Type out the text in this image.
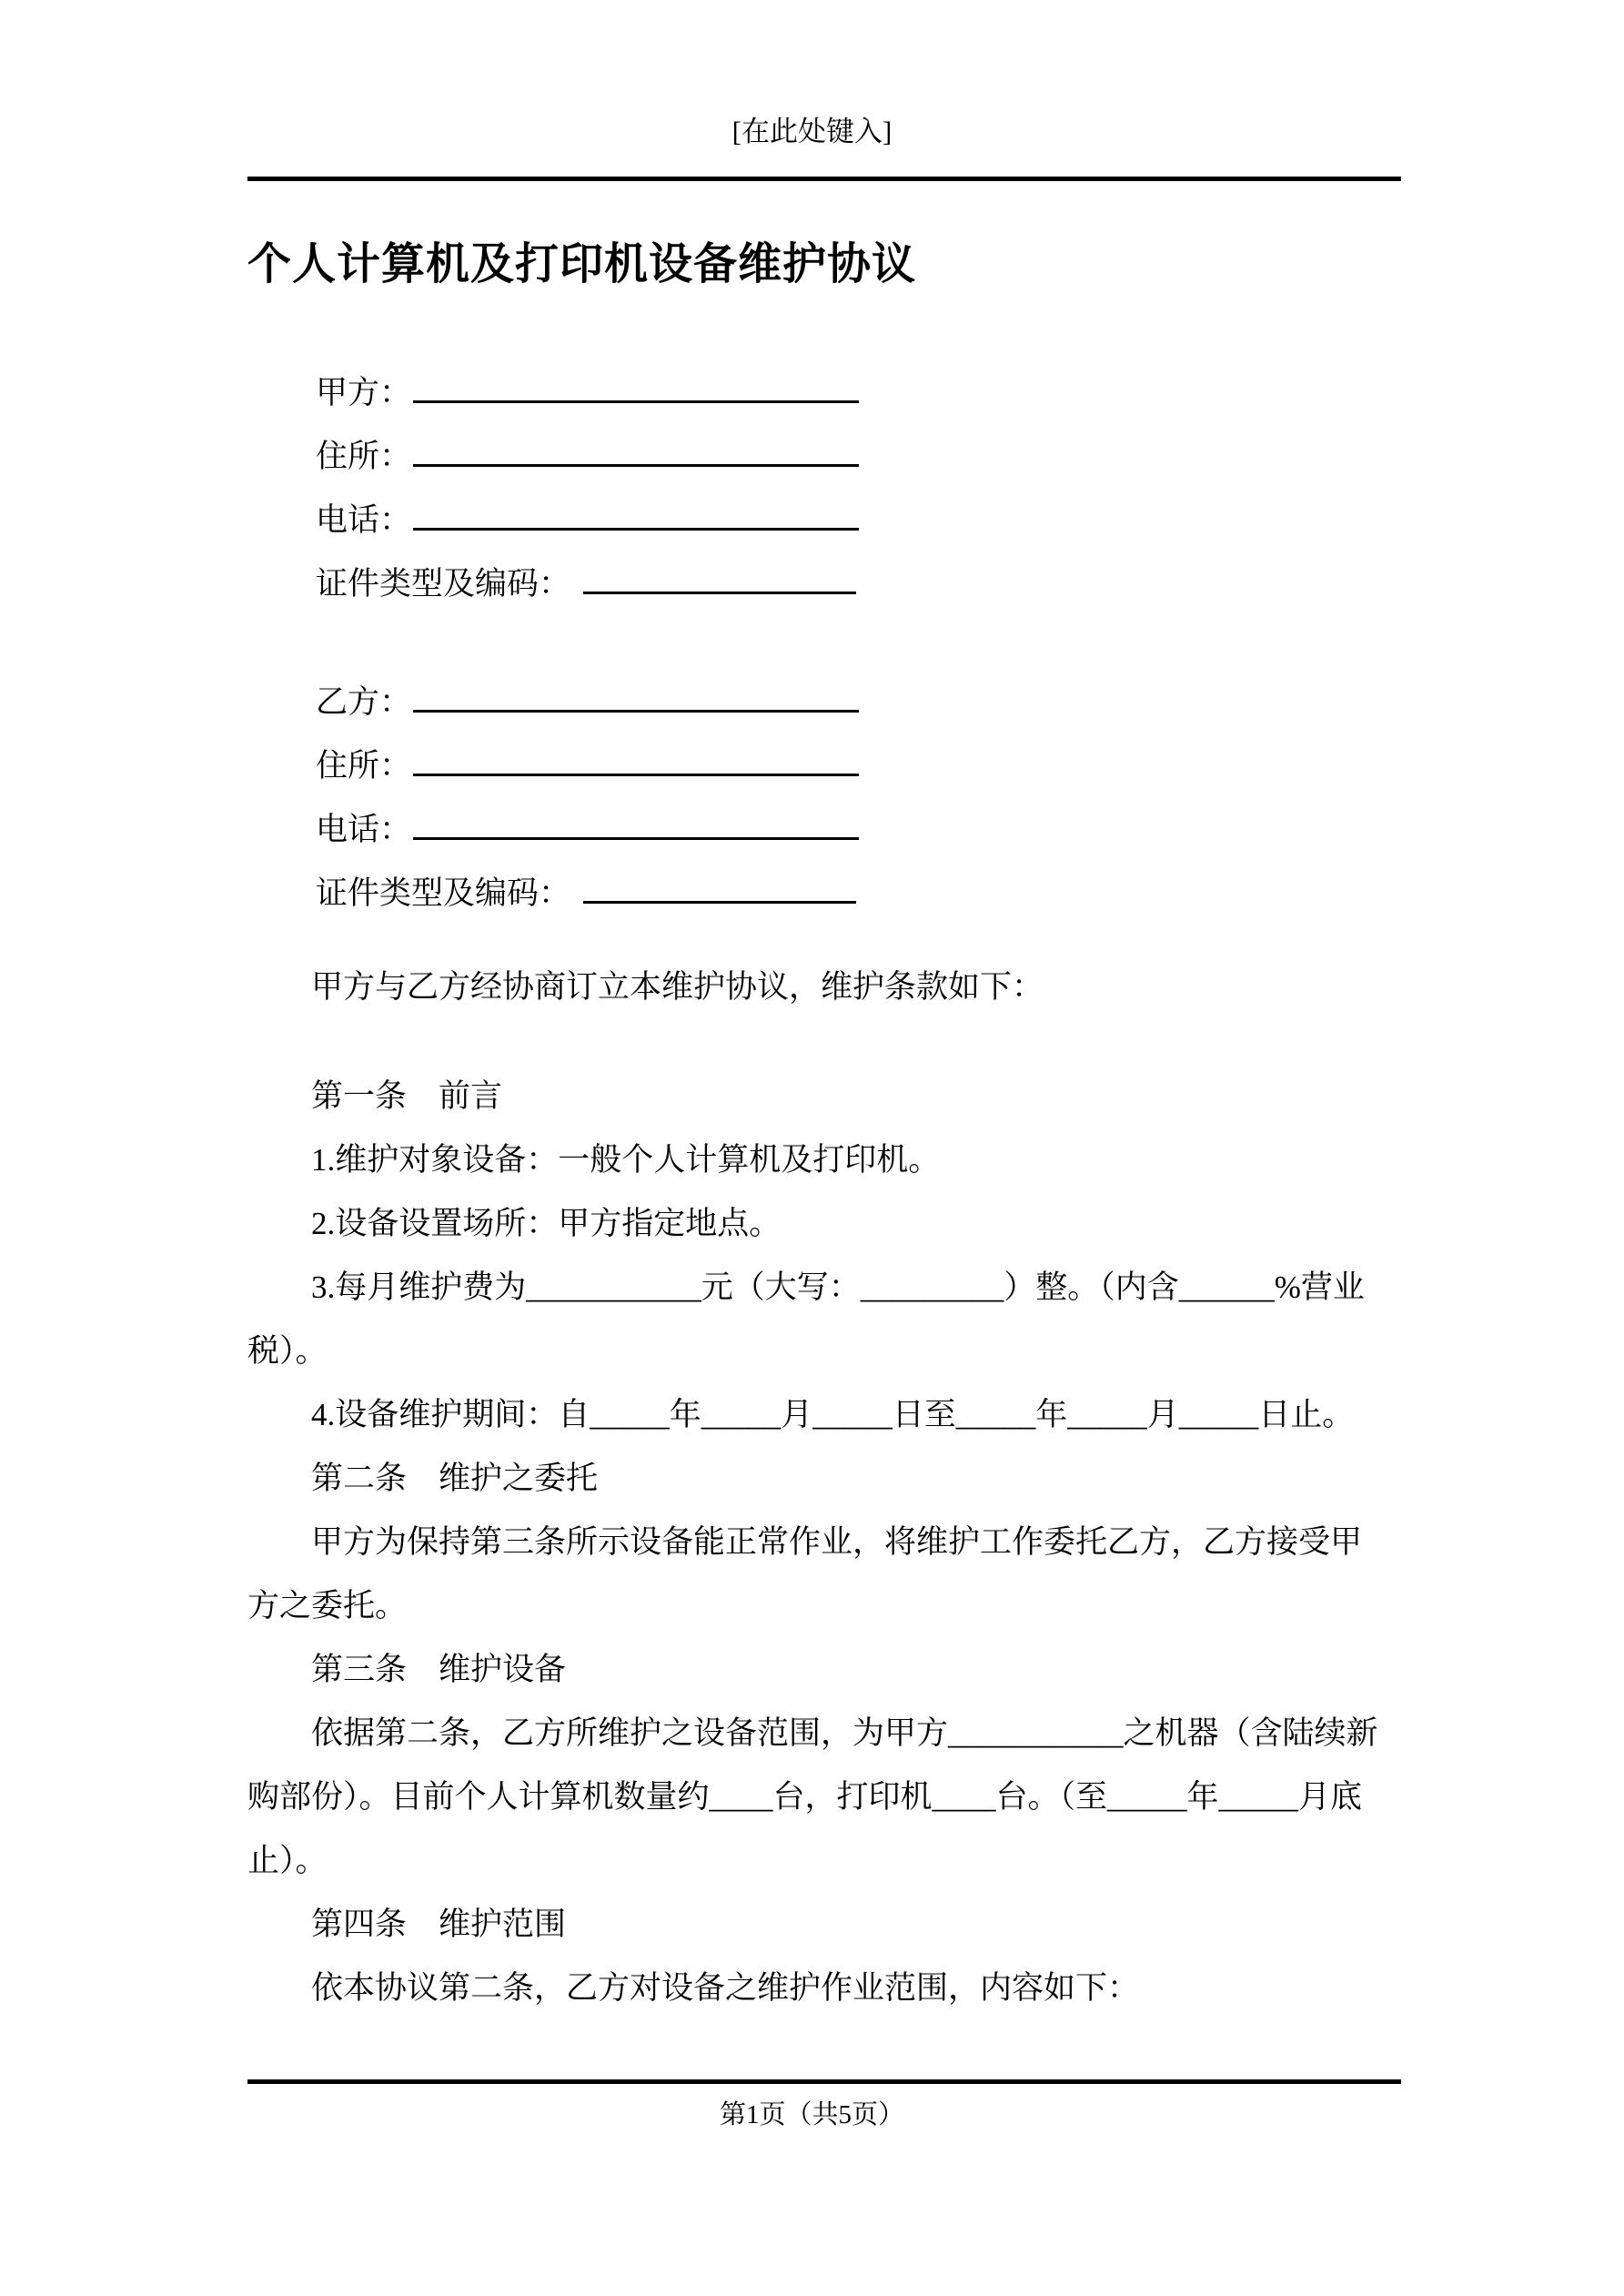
[在此处键入]
个人计算机及打印机设备维护协议
甲方：
住所：
电话：
证件类型及编码：
乙方：
住所：
电话：
证件类型及编码：
甲方与乙方经协商订立本维护协议，维护条款如下：
第一条　前言
1.维护对象设备：一般个人计算机及打印机。
2.设备设置场所：甲方指定地点。
3.每月维护费为___________元（大写：_________）整。（内含______%营业
税）。
4.设备维护期间：自_____年_____月_____日至_____年_____月_____日止。
第二条　维护之委托
甲方为保持第三条所示设备能正常作业，将维护工作委托乙方，乙方接受甲
方之委托。
第三条　维护设备
依据第二条，乙方所维护之设备范围，为甲方___________之机器（含陆续新
购部份）。目前个人计算机数量约____台，打印机____台。（至_____年_____月底
止）。
第四条　维护范围
依本协议第二条，乙方对设备之维护作业范围，内容如下：
第1页（共5页）
